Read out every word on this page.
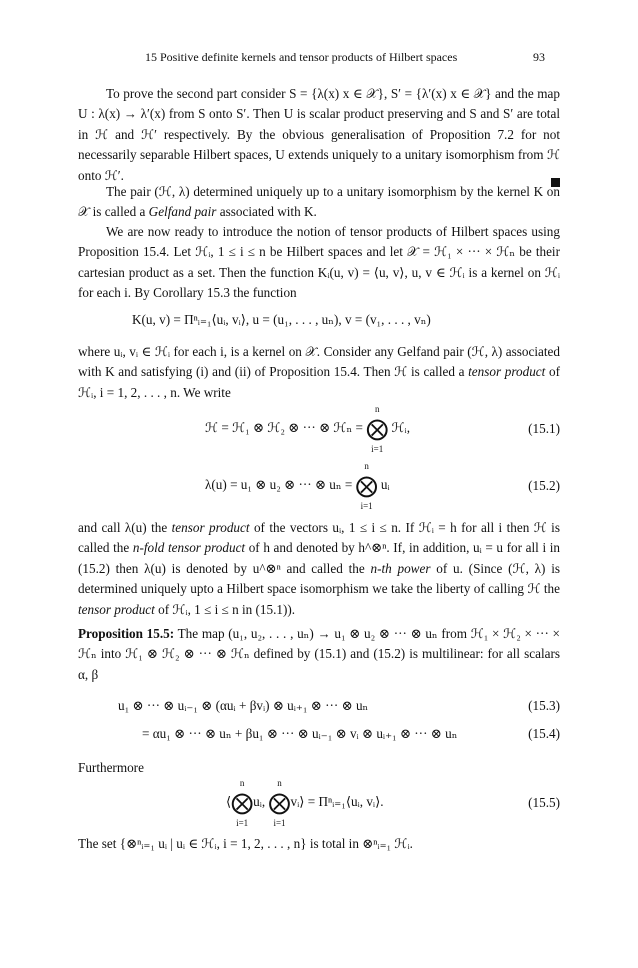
15 Positive definite kernels and tensor products of Hilbert spaces	93

To prove the second part consider S = {λ(x) x ∈ 𝒳}, S′ = {λ′(x) x ∈ 𝒳} and the map U : λ(x) → λ′(x) from S onto S′. Then U is scalar product preserving and S and S′ are total in ℋ and ℋ′ respectively. By the obvious generalisation of Proposition 7.2 for not necessarily separable Hilbert spaces, U extends uniquely to a unitary isomorphism from ℋ onto ℋ′.

The pair (ℋ, λ) determined uniquely up to a unitary isomorphism by the kernel K on 𝒳 is called a Gelfand pair associated with K.

We are now ready to introduce the notion of tensor products of Hilbert spaces using Proposition 15.4. Let ℋᵢ, 1 ≤ i ≤ n be Hilbert spaces and let 𝒳 = ℋ₁ × ··· × ℋₙ be their cartesian product as a set. Then the function Kᵢ(u, v) = ⟨u, v⟩, u, v ∈ ℋᵢ is a kernel on ℋᵢ for each i. By Corollary 15.3 the function

K(u, v) = Πⁿᵢ₌₁⟨uᵢ, vᵢ⟩, u = (u₁, . . . , uₙ), v = (v₁, . . . , vₙ)

where uᵢ, vᵢ ∈ ℋᵢ for each i, is a kernel on 𝒳. Consider any Gelfand pair (ℋ, λ) associated with K and satisfying (i) and (ii) of Proposition 15.4. Then ℋ is called a tensor product of ℋᵢ, i = 1, 2, . . . , n. We write

ℋ = ℋ₁ ⊗ ℋ₂ ⊗ ··· ⊗ ℋₙ =
n
⨂
i=1
ℋᵢ,	(15.1)
λ(u) = u₁ ⊗ u₂ ⊗ ··· ⊗ uₙ =
n
⨂
i=1
uᵢ	(15.2)

and call λ(u) the tensor product of the vectors uᵢ, 1 ≤ i ≤ n. If ℋᵢ = h for all i then ℋ is called the n-fold tensor product of h and denoted by h^⊗ⁿ. If, in addition, uᵢ = u for all i in (15.2) then λ(u) is denoted by u^⊗ⁿ and called the n-th power of u. (Since (ℋ, λ) is determined uniquely upto a Hilbert space isomorphism we take the liberty of calling ℋ the tensor product of ℋᵢ, 1 ≤ i ≤ n in (15.1)).

Proposition 15.5: The map (u₁, u₂, . . . , uₙ) → u₁ ⊗ u₂ ⊗ ··· ⊗ uₙ from ℋ₁ × ℋ₂ × ··· × ℋₙ into ℋ₁ ⊗ ℋ₂ ⊗ ··· ⊗ ℋₙ defined by (15.1) and (15.2) is multilinear: for all scalars α, β

u₁ ⊗ ··· ⊗ uᵢ₋₁ ⊗ (αuᵢ + βvᵢ) ⊗ uᵢ₊₁ ⊗ ··· ⊗ uₙ	(15.3)
= αu₁ ⊗ ··· ⊗ uₙ + βu₁ ⊗ ··· ⊗ uᵢ₋₁ ⊗ vᵢ ⊗ uᵢ₊₁ ⊗ ··· ⊗ uₙ	(15.4)

Furthermore

⟨
n
⨂
i=1
uᵢ,
n
⨂
i=1
vᵢ⟩ = Πⁿᵢ₌₁⟨uᵢ, vᵢ⟩.	(15.5)

The set {⊗ⁿᵢ₌₁ uᵢ | uᵢ ∈ ℋᵢ, i = 1, 2, . . . , n} is total in ⊗ⁿᵢ₌₁ ℋᵢ.
